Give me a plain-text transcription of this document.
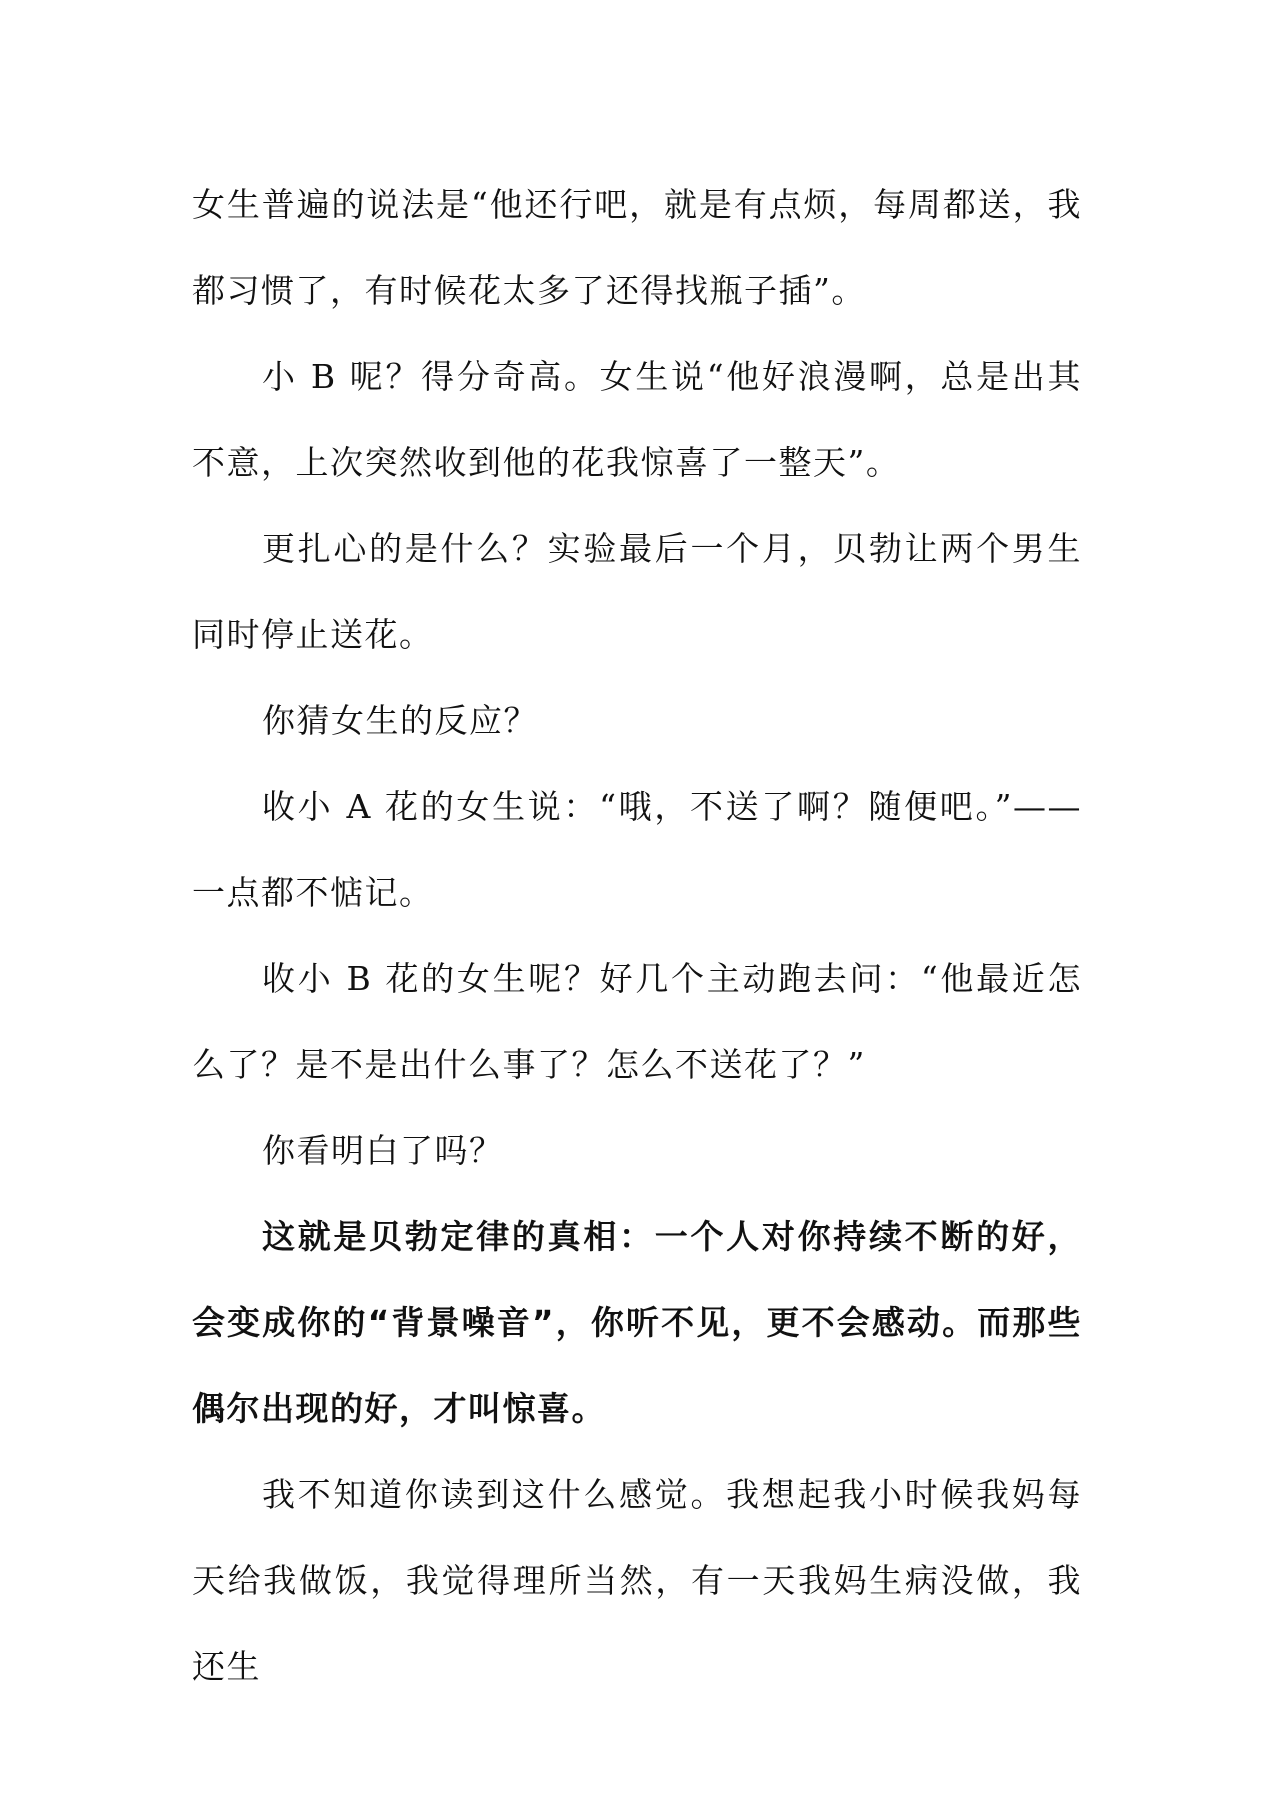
女生普遍的说法是“他还行吧，就是有点烦，每周都送，我都习惯了，有时候花太多了还得找瓶子插”。

小 B 呢？得分奇高。女生说“他好浪漫啊，总是出其不意，上次突然收到他的花我惊喜了一整天”。

更扎心的是什么？实验最后一个月，贝勃让两个男生同时停止送花。

你猜女生的反应？

收小 A 花的女生说：“哦，不送了啊？随便吧。”——一点都不惦记。

收小 B 花的女生呢？好几个主动跑去问：“他最近怎么了？是不是出什么事了？怎么不送花了？”

你看明白了吗？

这就是贝勃定律的真相：一个人对你持续不断的好，会变成你的“背景噪音”，你听不见，更不会感动。而那些偶尔出现的好，才叫惊喜。

我不知道你读到这什么感觉。我想起我小时候我妈每天给我做饭，我觉得理所当然，有一天我妈生病没做，我还生
